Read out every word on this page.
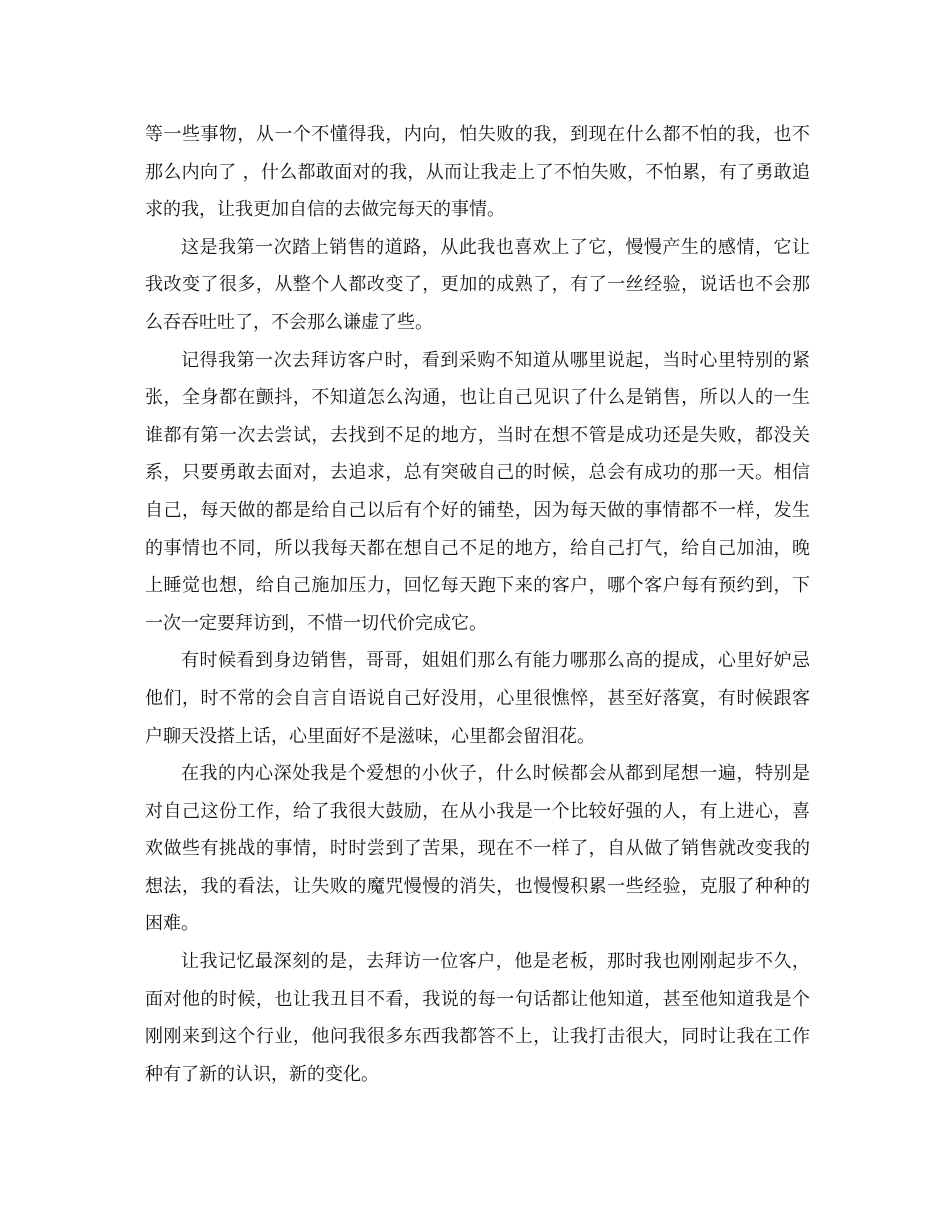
等一些事物，从一个不懂得我，内向，怕失败的我，到现在什么都不怕的我，也不那么内向了 ，什么都敢面对的我，从而让我走上了不怕失败，不怕累，有了勇敢追求的我，让我更加自信的去做完每天的事情。

这是我第一次踏上销售的道路，从此我也喜欢上了它，慢慢产生的感情，它让我改变了很多，从整个人都改变了，更加的成熟了，有了一丝经验，说话也不会那么吞吞吐吐了，不会那么谦虚了些。

记得我第一次去拜访客户时，看到采购不知道从哪里说起，当时心里特别的紧张，全身都在颤抖，不知道怎么沟通，也让自己见识了什么是销售，所以人的一生谁都有第一次去尝试，去找到不足的地方，当时在想不管是成功还是失败，都没关系，只要勇敢去面对，去追求，总有突破自己的时候，总会有成功的那一天。相信自己，每天做的都是给自己以后有个好的铺垫，因为每天做的事情都不一样，发生的事情也不同，所以我每天都在想自己不足的地方，给自己打气，给自己加油，晚上睡觉也想，给自己施加压力，回忆每天跑下来的客户，哪个客户每有预约到，下一次一定要拜访到，不惜一切代价完成它。

有时候看到身边销售，哥哥，姐姐们那么有能力哪那么高的提成，心里好妒忌他们，时不常的会自言自语说自己好没用，心里很憔悴，甚至好落寞，有时候跟客户聊天没搭上话，心里面好不是滋味，心里都会留泪花。

在我的内心深处我是个爱想的小伙子，什么时候都会从都到尾想一遍，特别是对自己这份工作，给了我很大鼓励，在从小我是一个比较好强的人，有上进心，喜欢做些有挑战的事情，时时尝到了苦果，现在不一样了，自从做了销售就改变我的想法，我的看法，让失败的魔咒慢慢的消失，也慢慢积累一些经验，克服了种种的困难。

让我记忆最深刻的是，去拜访一位客户，他是老板，那时我也刚刚起步不久，面对他的时候，也让我丑目不看，我说的每一句话都让他知道，甚至他知道我是个刚刚来到这个行业，他问我很多东西我都答不上，让我打击很大，同时让我在工作种有了新的认识，新的变化。
